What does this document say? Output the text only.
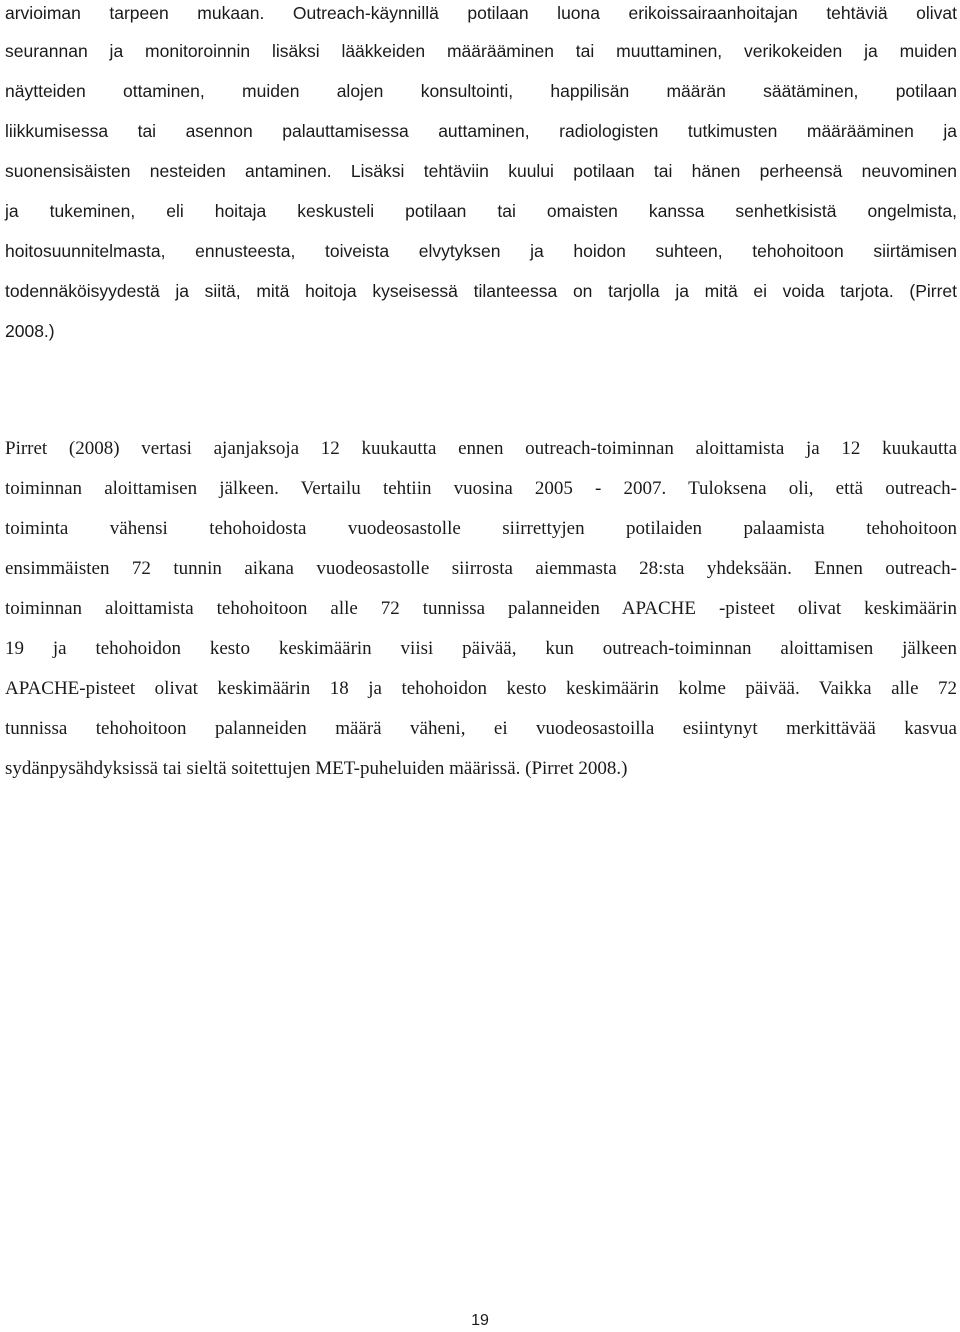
arvioiman tarpeen mukaan. Outreach-käynnillä potilaan luona erikoissairaanhoitajan tehtäviä olivat
seurannan ja monitoroinnin lisäksi lääkkeiden määrääminen tai muuttaminen, verikokeiden ja muiden
näytteiden ottaminen, muiden alojen konsultointi, happilisän määrän säätäminen, potilaan
liikkumisessa tai asennon palauttamisessa auttaminen, radiologisten tutkimusten määrääminen ja
suonensisäisten nesteiden antaminen. Lisäksi tehtäviin kuului potilaan tai hänen perheensä neuvominen
ja tukeminen, eli hoitaja keskusteli potilaan tai omaisten kanssa senhetkisistä ongelmista,
hoitosuunnitelmasta, ennusteesta, toiveista elvytyksen ja hoidon suhteen, tehohoitoon siirtämisen
todennäköisyydestä ja siitä, mitä hoitoja kyseisessä tilanteessa on tarjolla ja mitä ei voida tarjota. (Pirret
2008.)
Pirret (2008) vertasi ajanjaksoja 12 kuukautta ennen outreach-toiminnan aloittamista ja 12 kuukautta
toiminnan aloittamisen jälkeen. Vertailu tehtiin vuosina 2005 - 2007. Tuloksena oli, että outreach-
toiminta vähensi tehohoidosta vuodeosastolle siirrettyjen potilaiden palaamista tehohoitoon
ensimmäisten 72 tunnin aikana vuodeosastolle siirrosta aiemmasta 28:sta yhdeksään. Ennen outreach-
toiminnan aloittamista tehohoitoon alle 72 tunnissa palanneiden APACHE -pisteet olivat keskimäärin
19 ja tehohoidon kesto keskimäärin viisi päivää, kun outreach-toiminnan aloittamisen jälkeen
APACHE-pisteet olivat keskimäärin 18 ja tehohoidon kesto keskimäärin kolme päivää. Vaikka alle 72
tunnissa tehohoitoon palanneiden määrä väheni, ei vuodeosastoilla esiintynyt merkittävää kasvua
sydänpysähdyksissä tai sieltä soitettujen MET-puheluiden määrissä. (Pirret 2008.)
19
